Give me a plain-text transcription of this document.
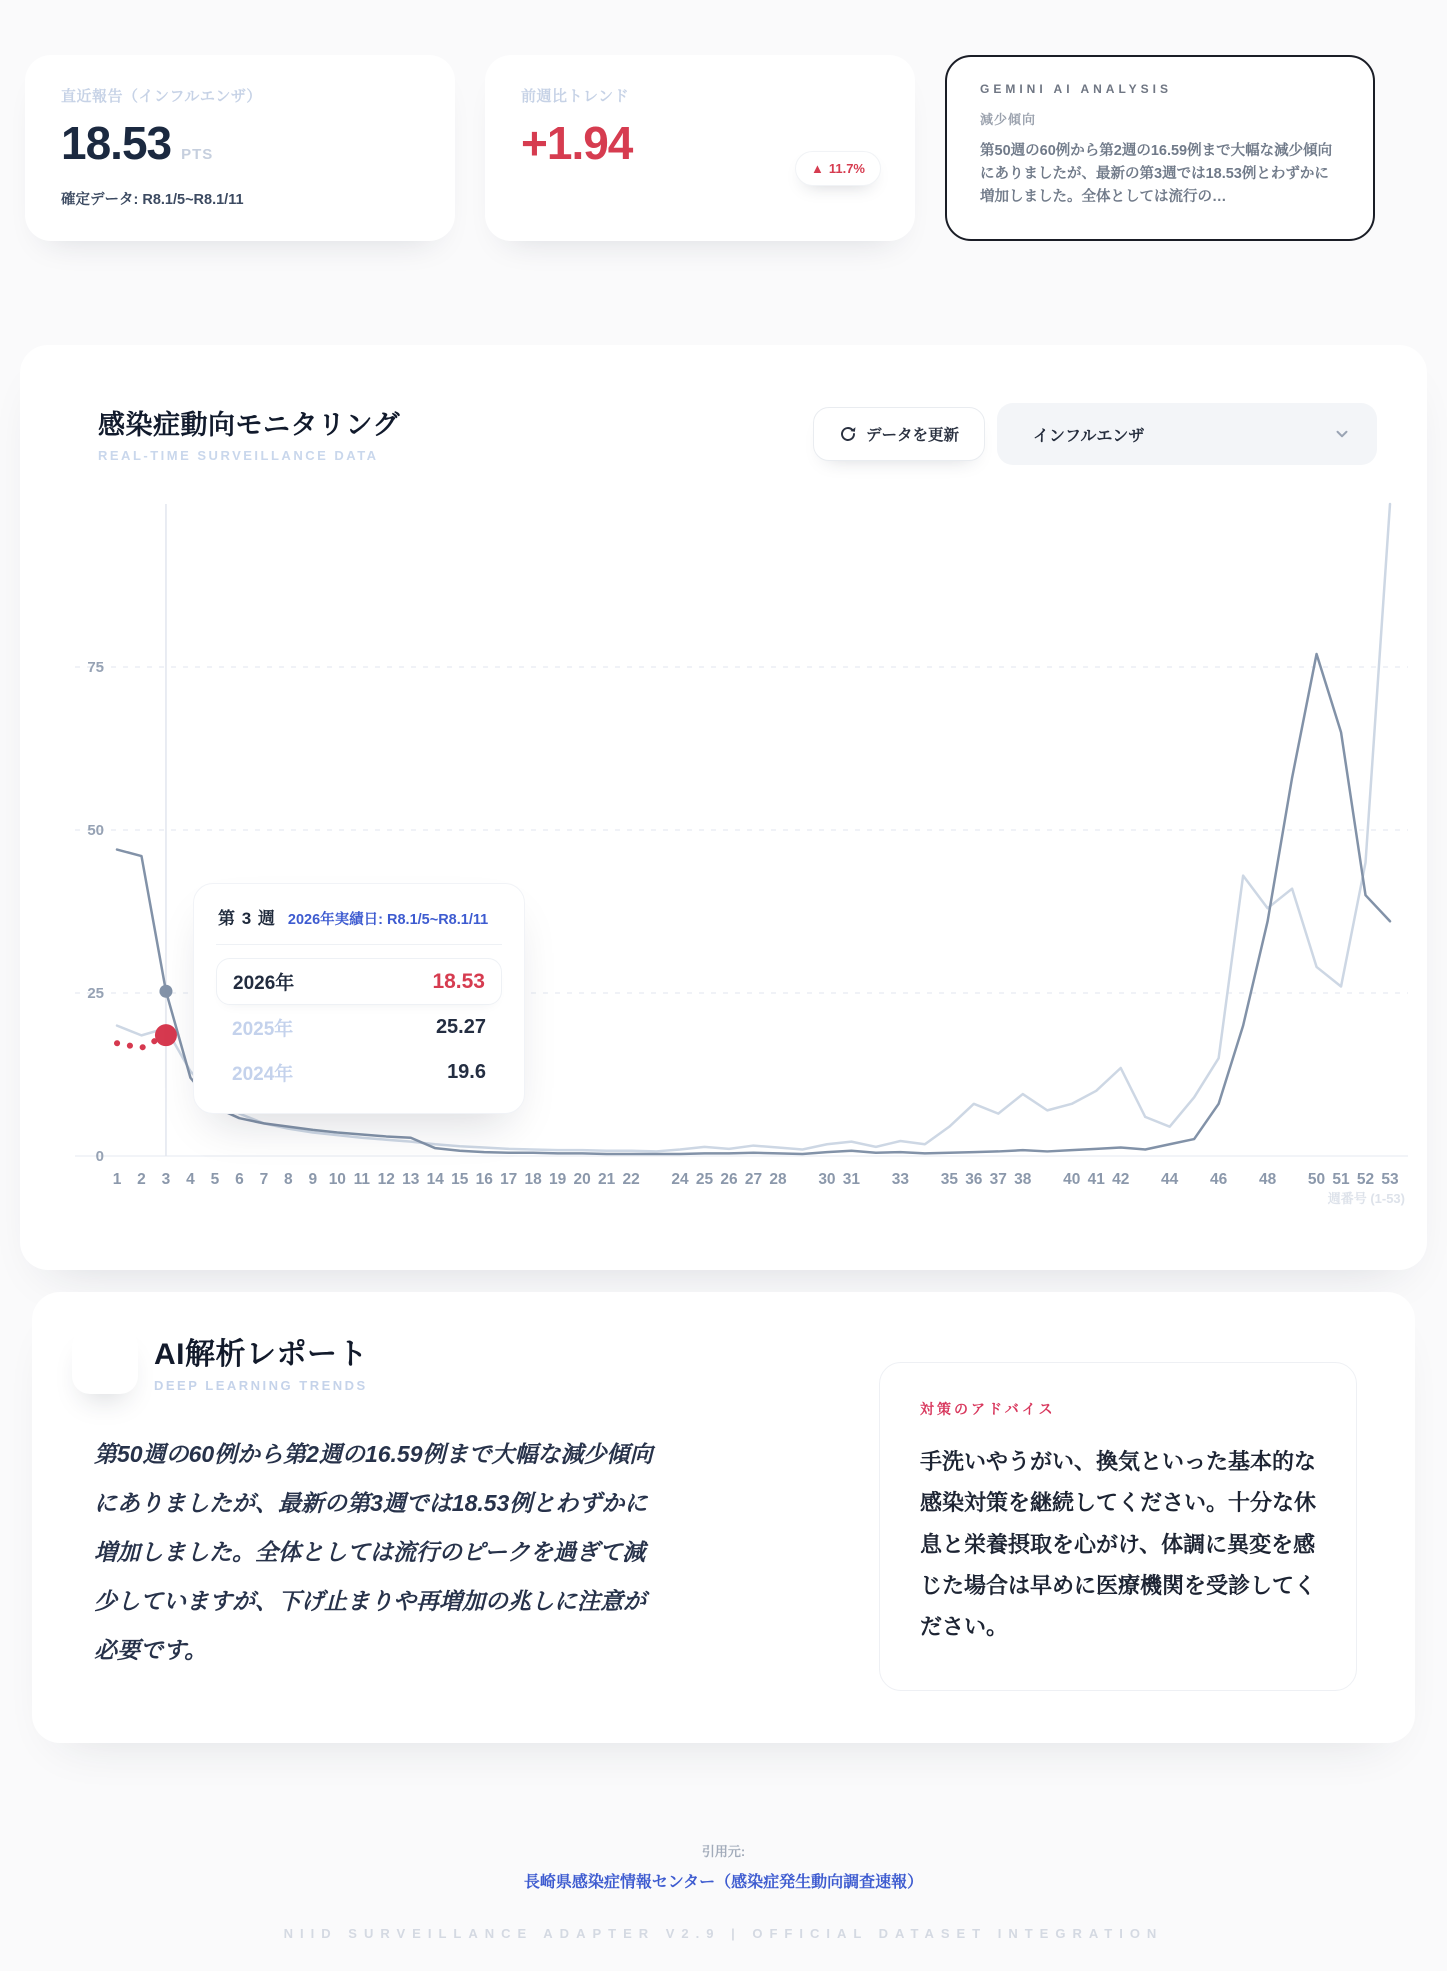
直近報告（インフルエンザ）
18.53 PTS
確定データ: R8.1/5~R8.1/11
前週比トレンド
+1.94	▲ 11.7%
GEMINI AI ANALYSIS
減少傾向
第50週の60例から第2週の16.59例まで大幅な減少傾向にありましたが、最新の第3週では18.53例とわずかに増加しました。全体としては流行の…
感染症動向モニタリング
REAL-TIME SURVEILLANCE DATA
データを更新	インフルエンザ
0
25
50
75
1 2 3 4 5 6 7 8 9 10 11 12 13 14 15 16 17 18 19 20 21 22 24 25 26 27 28 30 31 33 35 36 37 38 40 41 42 44 46 48 50 51 52 53
週番号 (1-53)
第 3 週 2026年実績日: R8.1/5~R8.1/11
2026年	18.53
2025年	25.27
2024年	19.6
AI解析レポート
DEEP LEARNING TRENDS
第50週の60例から第2週の16.59例まで大幅な減少傾向にありましたが、最新の第3週では18.53例とわずかに増加しました。全体としては流行のピークを過ぎて減少していますが、下げ止まりや再増加の兆しに注意が必要です。
対策のアドバイス
手洗いやうがい、換気といった基本的な感染対策を継続してください。十分な休息と栄養摂取を心がけ、体調に異変を感じた場合は早めに医療機関を受診してください。
引用元:
長崎県感染症情報センター（感染症発生動向調査速報）
NIID SURVEILLANCE ADAPTER V2.9 | OFFICIAL DATASET INTEGRATION
